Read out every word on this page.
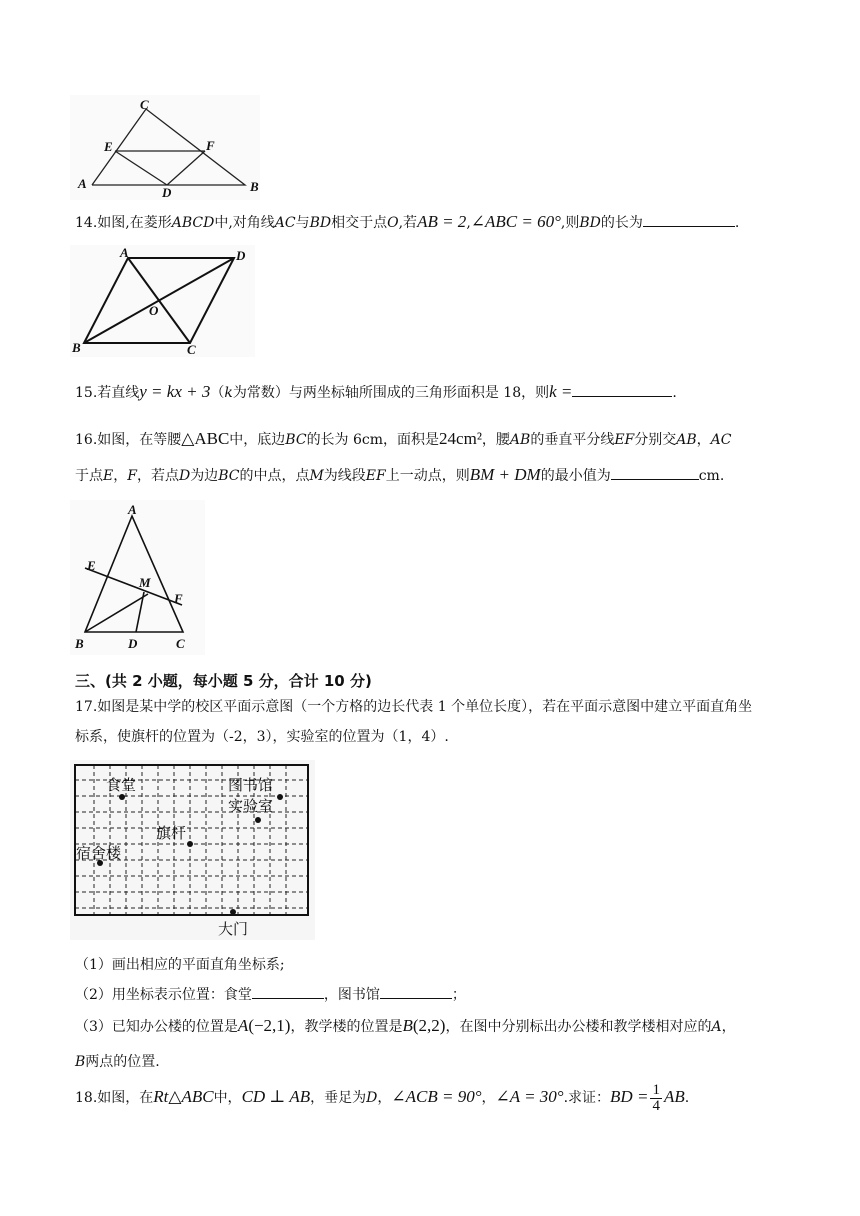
C
E	F
A
D	B
14.如图,在菱形ABCD中,对角线AC与BD相交于点O,若AB = 2,∠ABC = 60°,则BD的长为	.
A	D
O
B	C
15.若直线y = kx + 3（k为常数）与两坐标轴所围成的三角形面积是 18，则k =	.
16.如图，在等腰△ABC中，底边BC的长为 6cm，面积是24cm²，腰AB的垂直平分线EF分别交AB，AC
于点E，F，若点D为边BC的中点，点M为线段EF上一动点，则BM + DM的最小值为	cm.
A
E
M
F
B	D	C
三、(共 2 小题，每小题 5 分，合计 10 分)
17.如图是某中学的校区平面示意图（一个方格的边长代表 1 个单位长度），若在平面示意图中建立平面直角坐
标系，使旗杆的位置为（-2，3），实验室的位置为（1，4）.
食堂	图书馆
实验室
旗杆
宿舍楼
大门
（1）画出相应的平面直角坐标系;
（2）用坐标表示位置：食堂	，图书馆	；
（3）已知办公楼的位置是A(−2,1)，教学楼的位置是B(2,2)，在图中分别标出办公楼和教学楼相对应的A，
B两点的位置.
18.如图，在Rt△ABC中，CD ⊥ AB，垂足为D，∠ACB = 90°，∠A = 30°.求证：BD = $\frac{1}{4}$ AB.
